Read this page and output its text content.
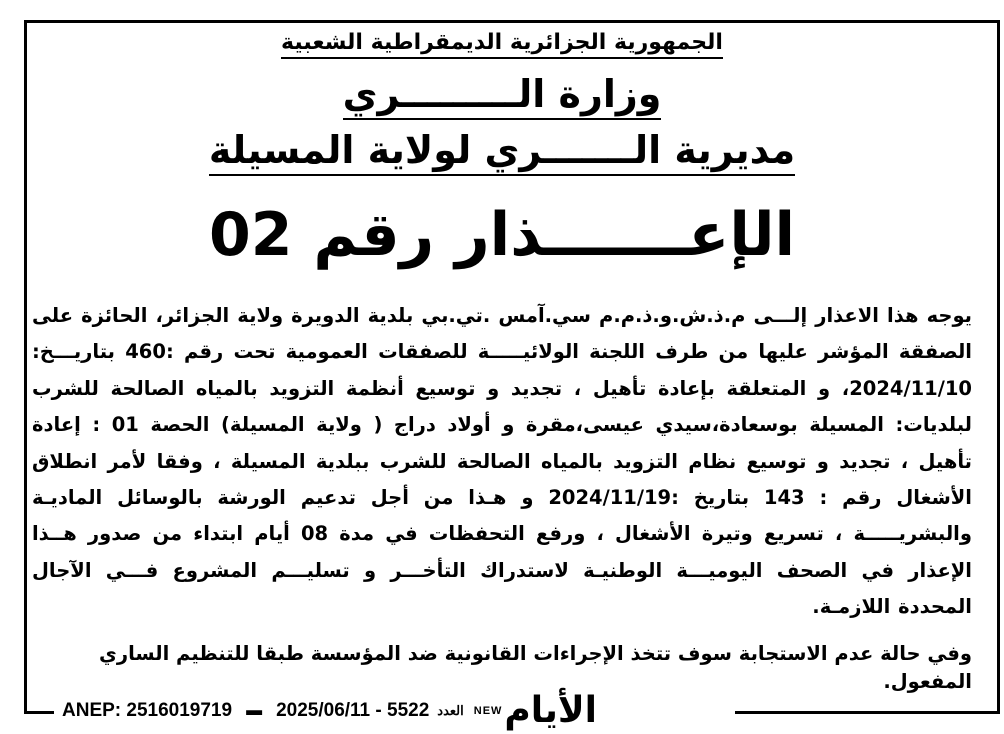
الجمهورية الجزائرية الديمقراطية الشعبية
وزارة الـــــــــري
مديرية الـــــــري لولاية المسيلة
الإعـــــــذار رقم 02
يوجه هذا الاعذار إلـــى م.ذ.ش.و.ذ.م.م سي.آمس .تي.بي بلدية الدويرة ولاية الجزائر، الحائزة على الصفقة المؤشر عليها من طرف اللجنة الولائيـــــة للصفقات العمومية تحت رقم :460 بتاريـــخ: 2024/11/10، و المتعلقة بإعادة تأهيل ، تجديد و توسيع أنظمة التزويد بالمياه الصالحة للشرب لبلديات: المسيلة بوسعادة،سيدي عيسى،مقرة و أولاد دراج ( ولاية المسيلة) الحصة 01 : إعادة تأهيل ، تجديد و توسيع نظام التزويد بالمياه الصالحة للشرب ببلدية المسيلة ، وفقا لأمر انطلاق الأشغال رقم : 143 بتاريخ :2024/11/19 و هـذا من أجل تدعيم الورشة بالوسائل الماديـة والبشريـــــة ، تسريع وتيرة الأشغال ، ورفع التحفظات في مدة 08 أيام ابتداء من صدور هــذا الإعذار في الصحف اليوميـــة الوطنيـة لاستدراك التأخـــر و تسليـــم المشروع فـــي الآجال المحددة اللازمـة.
وفي حالة عدم الاستجابة سوف تتخذ الإجراءات القانونية ضد المؤسسة طبقا للتنظيم الساري المفعول.
ANEP: 2516019719 ▬ 2025/06/11 - 5522 العدد NEW الأيام
